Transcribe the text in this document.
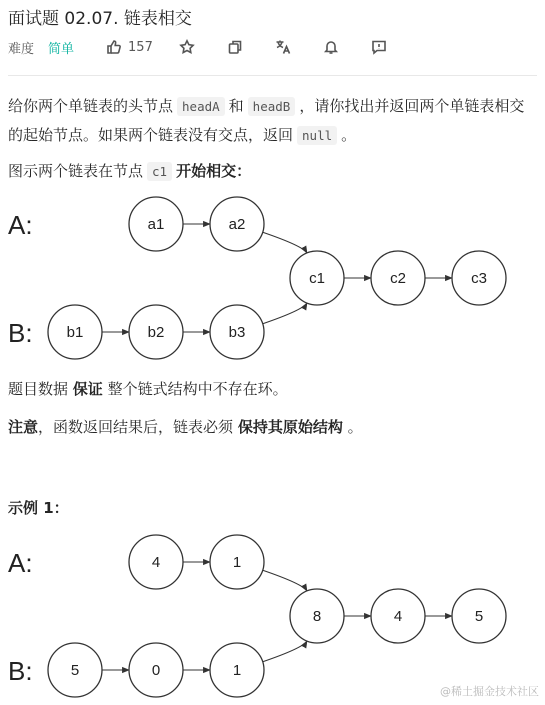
面试题 02.07. 链表相交
难度 简单	157
给你两个单链表的头节点 headA 和 headB ，请你找出并返回两个单链表相交的起始节点。如果两个链表没有交点，返回 null 。
图示两个链表在节点 c1 开始相交：
A:
B:
a1	a2
b1	b2	b3
c1	c2	c3
题目数据 保证 整个链式结构中不存在环。
注意，函数返回结果后，链表必须 保持其原始结构 。
示例 1：
A:
B:
4	1
5	0	1
8	4	5
@稀土掘金技术社区
